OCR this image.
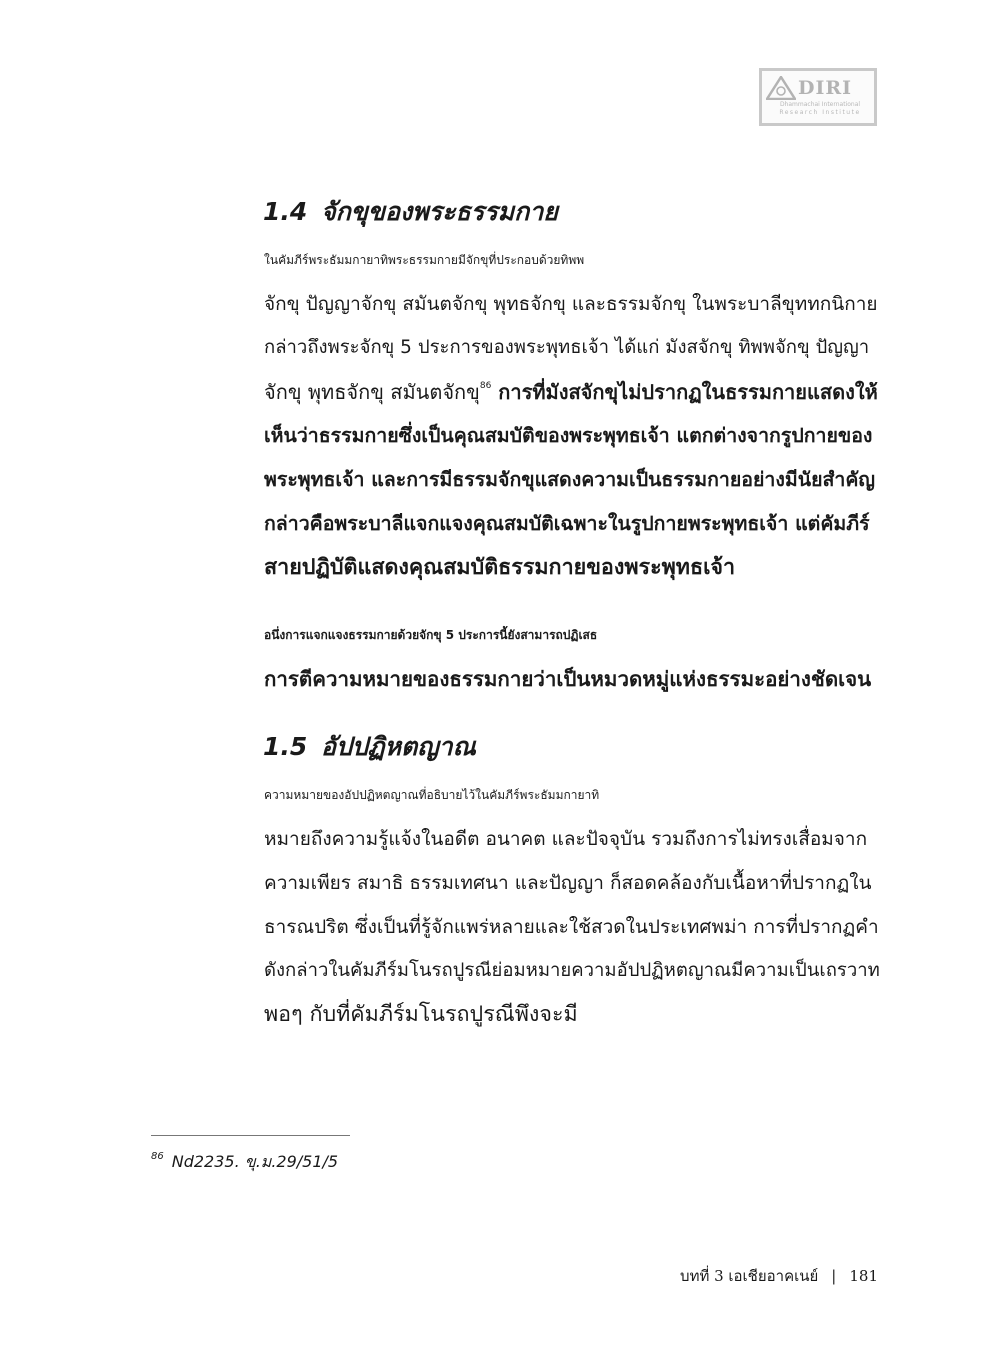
DIRI
Dhammachai International
Research Institute
1.4 จักขุของพระธรรมกาย
ในคัมภีร์พระธัมมกายาทิพระธรรมกายมีจักขุที่ประกอบด้วยทิพพ
จักขุ ปัญญาจักขุ สมันตจักขุ พุทธจักขุ และธรรมจักขุ ในพระบาลีขุททกนิกาย
กล่าวถึงพระจักขุ 5 ประการของพระพุทธเจ้า ได้แก่ มังสจักขุ ทิพพจักขุ ปัญญา
จักขุ พุทธจักขุ สมันตจักขุ$^{86}$ การที่มังสจักขุไม่ปรากฏในธรรมกายแสดงให้
เห็นว่าธรรมกายซึ่งเป็นคุณสมบัติของพระพุทธเจ้า แตกต่างจากรูปกายของ
พระพุทธเจ้า และการมีธรรมจักขุแสดงความเป็นธรรมกายอย่างมีนัยสำคัญ
กล่าวคือพระบาลีแจกแจงคุณสมบัติเฉพาะในรูปกายพระพุทธเจ้า แต่คัมภีร์
สายปฏิบัติแสดงคุณสมบัติธรรมกายของพระพุทธเจ้า
อนึ่งการแจกแจงธรรมกายด้วยจักขุ 5 ประการนี้ยังสามารถปฏิเสธ
การตีความหมายของธรรมกายว่าเป็นหมวดหมู่แห่งธรรมะอย่างชัดเจน
1.5 อัปปฏิหตญาณ
ความหมายของอัปปฏิหตญาณที่อธิบายไว้ในคัมภีร์พระธัมมกายาทิ
หมายถึงความรู้แจ้งในอดีต อนาคต และปัจจุบัน รวมถึงการไม่ทรงเสื่อมจาก
ความเพียร สมาธิ ธรรมเทศนา และปัญญา ก็สอดคล้องกับเนื้อหาที่ปรากฏใน
ธารณปริต ซึ่งเป็นที่รู้จักแพร่หลายและใช้สวดในประเทศพม่า การที่ปรากฏคำ
ดังกล่าวในคัมภีร์มโนรถปูรณีย่อมหมายความอัปปฏิหตญาณมีความเป็นเถรวาท
พอๆ กับที่คัมภีร์มโนรถปูรณีพึงจะมี
$^{86}$ Nd2235. ขุ.ม.29/51/5
บทที่ 3 เอเชียอาคเนย์ | 181
